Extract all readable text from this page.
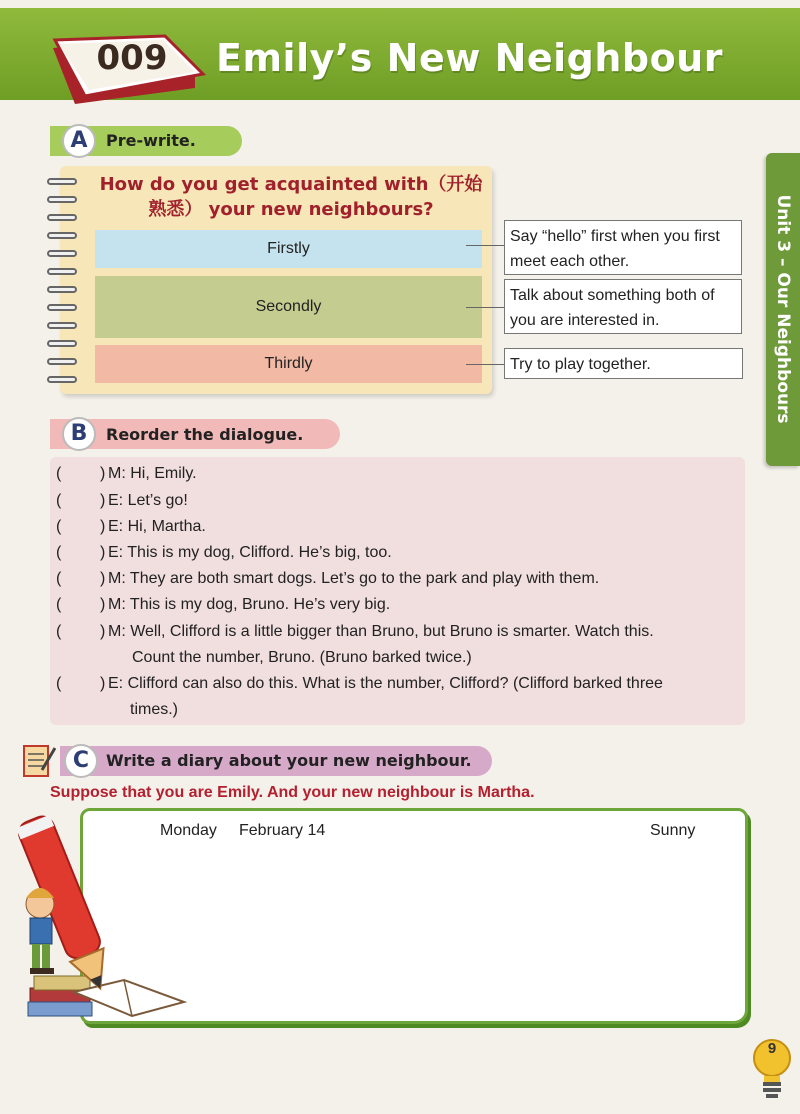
009 Emily’s New Neighbour
Unit 3 – Our Neighbours
A	Pre-write.
How do you get acquainted with（开始
熟悉） your new neighbours?
Firstly
Secondly
Thirdly
Say “hello” first when you first
meet each other.
Talk about something both of
you are interested in.
Try to play together.
B	Reorder the dialogue.
( ) M: Hi, Emily.
( ) E: Let’s go!
( ) E: Hi, Martha.
( ) E: This is my dog, Clifford. He’s big, too.
( ) M: They are both smart dogs. Let’s go to the park and play with them.
( ) M: This is my dog, Bruno. He’s very big.
( ) M: Well, Clifford is a little bigger than Bruno, but Bruno is smarter. Watch this.
Count the number, Bruno. (Bruno barked twice.)
( ) E: Clifford can also do this. What is the number, Clifford? (Clifford barked three
times.)
C	Write a diary about your new neighbour.
Suppose that you are Emily. And your new neighbour is Martha.
Monday February 14	Sunny
9
